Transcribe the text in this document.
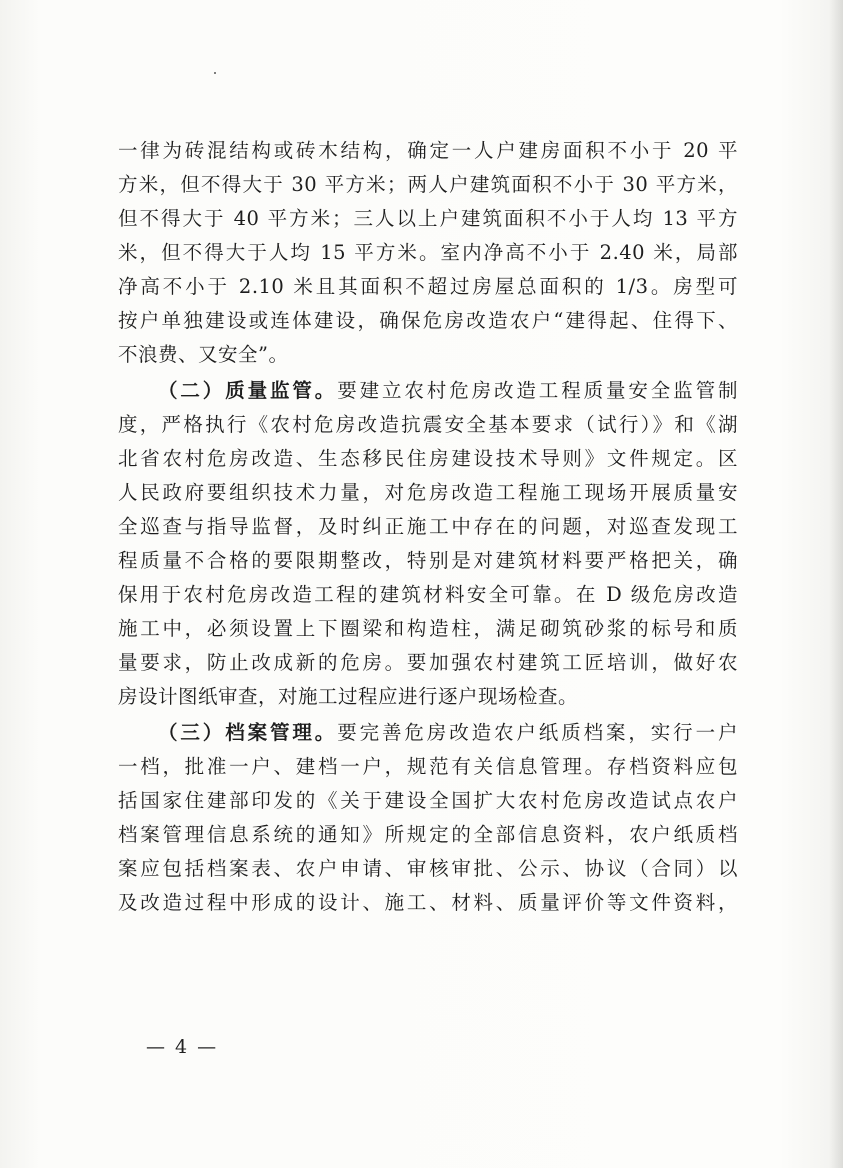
一律为砖混结构或砖木结构，确定一人户建房面积不小于 20 平
方米，但不得大于 30 平方米；两人户建筑面积不小于 30 平方米，
但不得大于 40 平方米；三人以上户建筑面积不小于人均 13 平方
米，但不得大于人均 15 平方米。室内净高不小于 2.40 米，局部
净高不小于 2.10 米且其面积不超过房屋总面积的 1/3。房型可
按户单独建设或连体建设，确保危房改造农户“建得起、住得下、
不浪费、又安全”。
（二）质量监管。要建立农村危房改造工程质量安全监管制
度，严格执行《农村危房改造抗震安全基本要求（试行）》和《湖
北省农村危房改造、生态移民住房建设技术导则》文件规定。区
人民政府要组织技术力量，对危房改造工程施工现场开展质量安
全巡查与指导监督，及时纠正施工中存在的问题，对巡查发现工
程质量不合格的要限期整改，特别是对建筑材料要严格把关，确
保用于农村危房改造工程的建筑材料安全可靠。在 D 级危房改造
施工中，必须设置上下圈梁和构造柱，满足砌筑砂浆的标号和质
量要求，防止改成新的危房。要加强农村建筑工匠培训，做好农
房设计图纸审查，对施工过程应进行逐户现场检查。
（三）档案管理。要完善危房改造农户纸质档案，实行一户
一档，批准一户、建档一户，规范有关信息管理。存档资料应包
括国家住建部印发的《关于建设全国扩大农村危房改造试点农户
档案管理信息系统的通知》所规定的全部信息资料，农户纸质档
案应包括档案表、农户申请、审核审批、公示、协议（合同）以
及改造过程中形成的设计、施工、材料、质量评价等文件资料，
— 4 —
